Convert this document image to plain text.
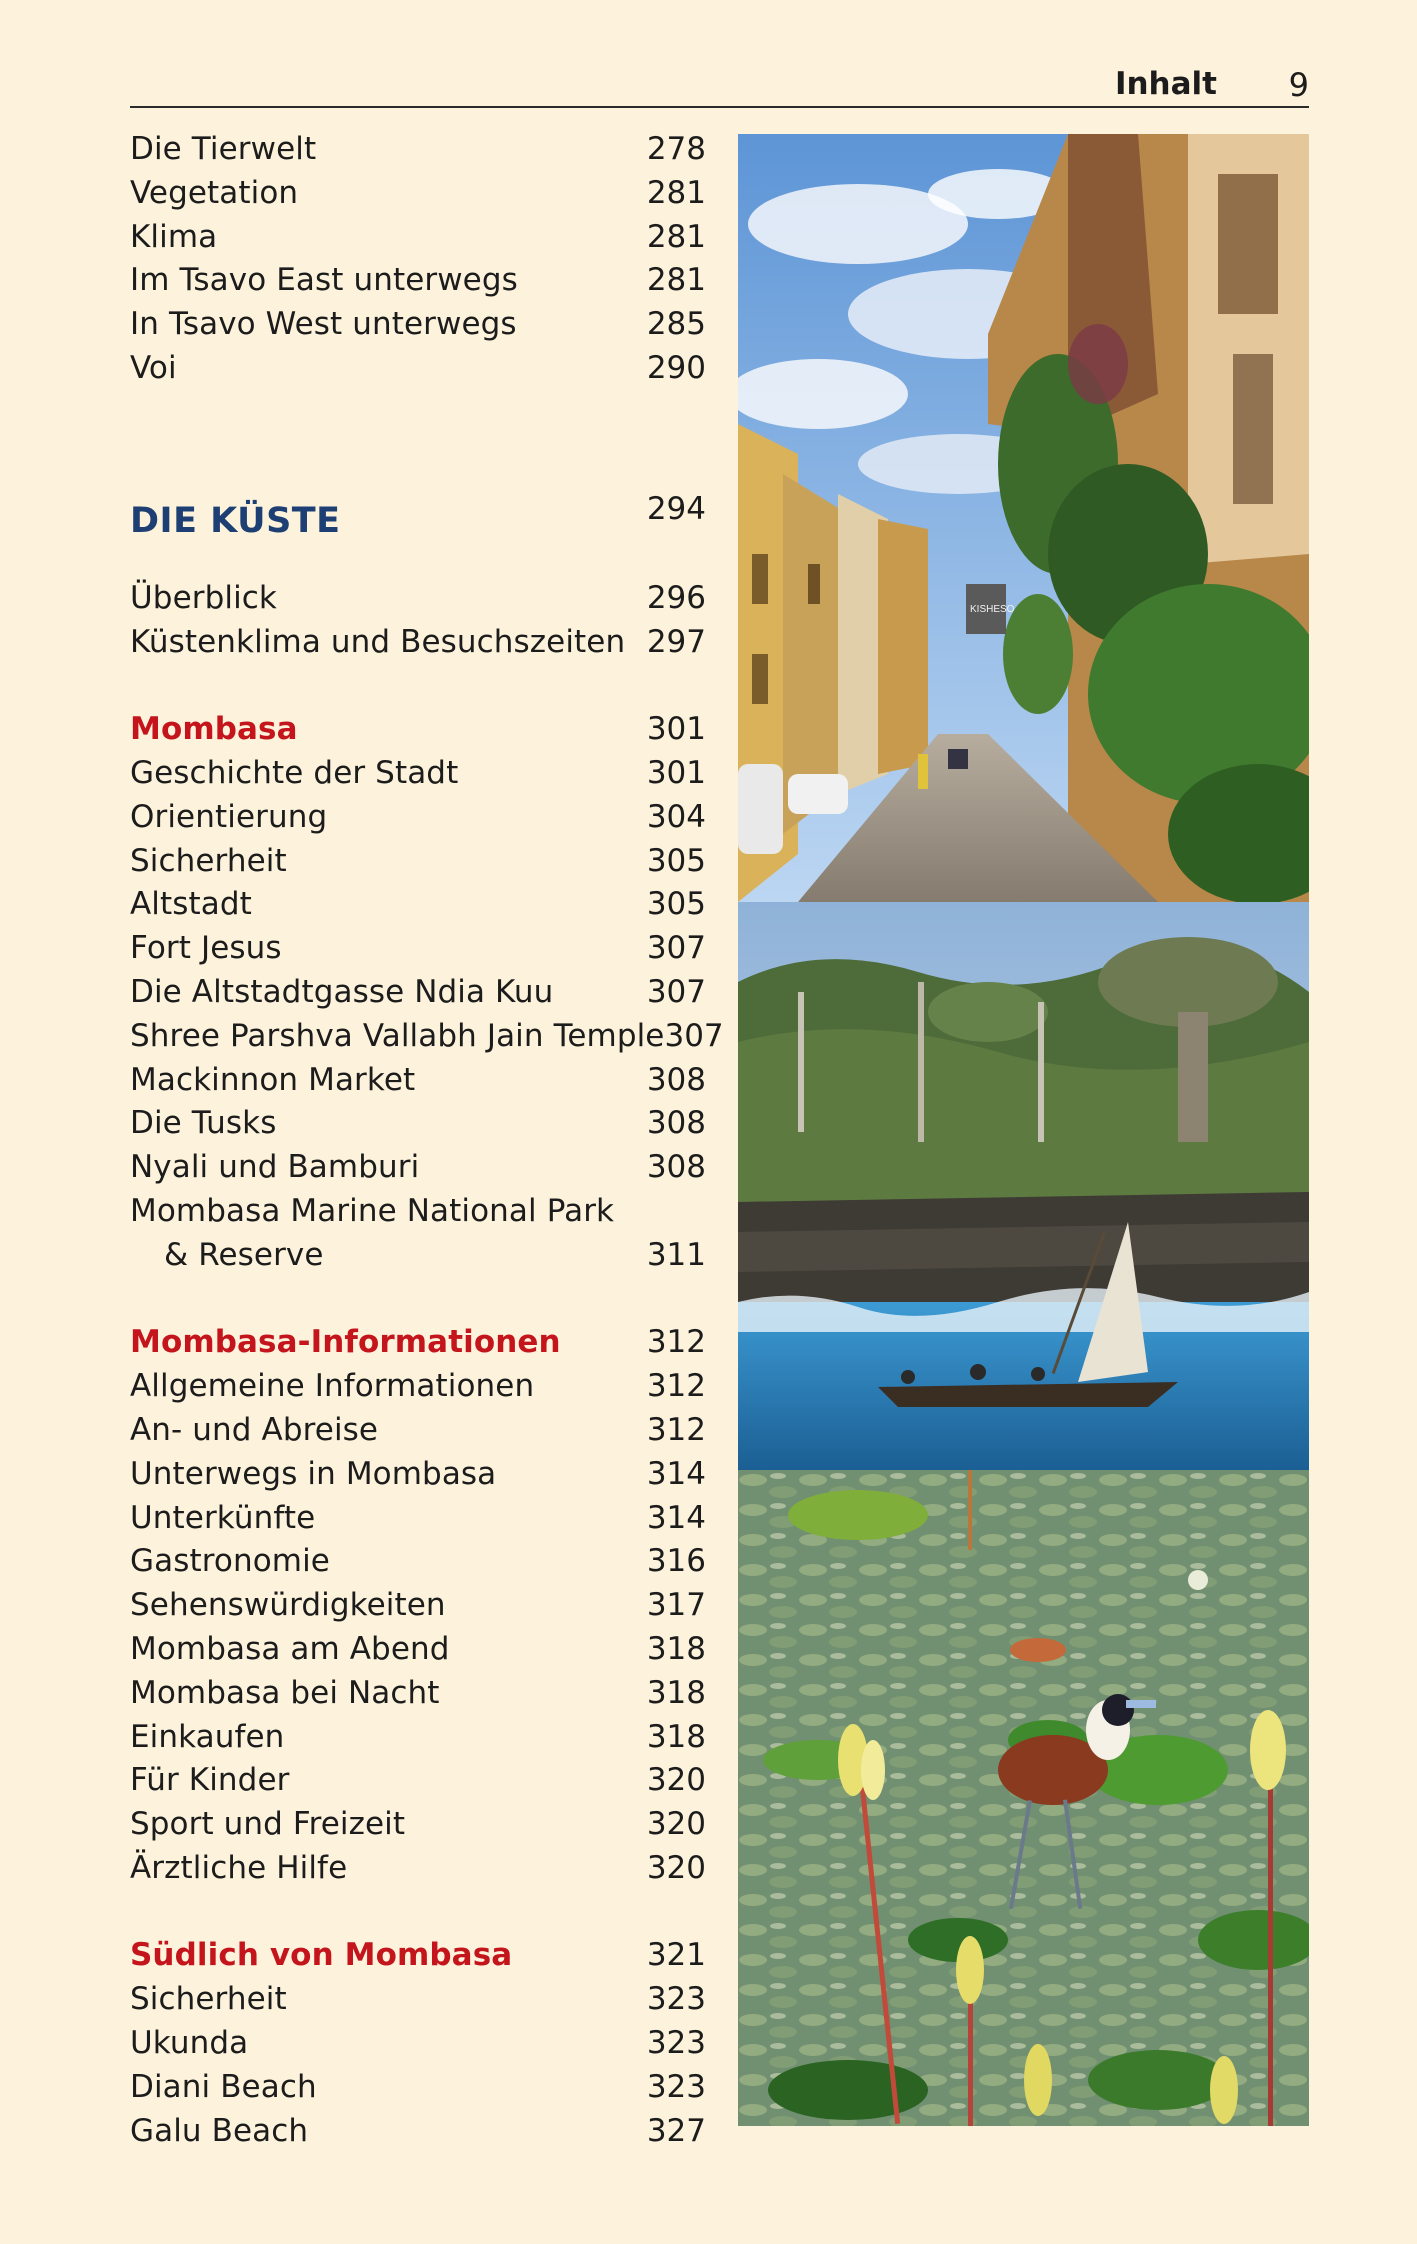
Inhalt 9
Die Tierwelt	278
Vegetation	281
Klima	281
Im Tsavo East unterwegs	281
In Tsavo West unterwegs	285
Voi	290
DIE KÜSTE	294
Überblick	296
Küstenklima und Besuchszeiten 297
Mombasa	301
Geschichte der Stadt	301
Orientierung	304
Sicherheit	305
Altstadt	305
Fort Jesus	307
Die Altstadtgasse Ndia Kuu	307
Shree Parshva Vallabh Jain Temple 307
Mackinnon Market	308
Die Tusks	308
Nyali und Bamburi	308
Mombasa Marine National Park
& Reserve	311
Mombasa-Informationen	312
Allgemeine Informationen	312
An- und Abreise	312
Unterwegs in Mombasa	314
Unterkünfte	314
Gastronomie	316
Sehenswürdigkeiten	317
Mombasa am Abend	318
Mombasa bei Nacht	318
Einkaufen	318
Für Kinder	320
Sport und Freizeit	320
Ärztliche Hilfe	320
Südlich von Mombasa	321
Sicherheit	323
Ukunda	323
Diani Beach	323
Galu Beach	327
KISHESO
